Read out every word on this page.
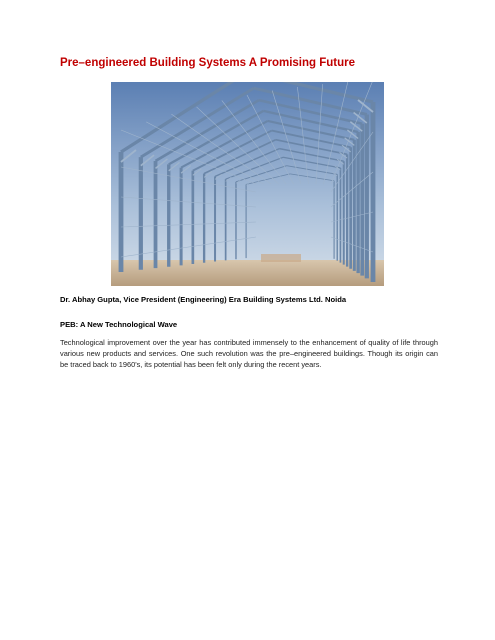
Pre–engineered Building Systems A Promising Future
Dr. Abhay Gupta, Vice President (Engineering) Era Building Systems Ltd. Noida
PEB: A New Technological Wave

Technological improvement over the year has contributed immensely to the enhancement of quality of life through various new products and services. One such revolution was the pre–engineered buildings. Though its origin can be traced back to 1960's, its potential has been felt only during the recent years.
